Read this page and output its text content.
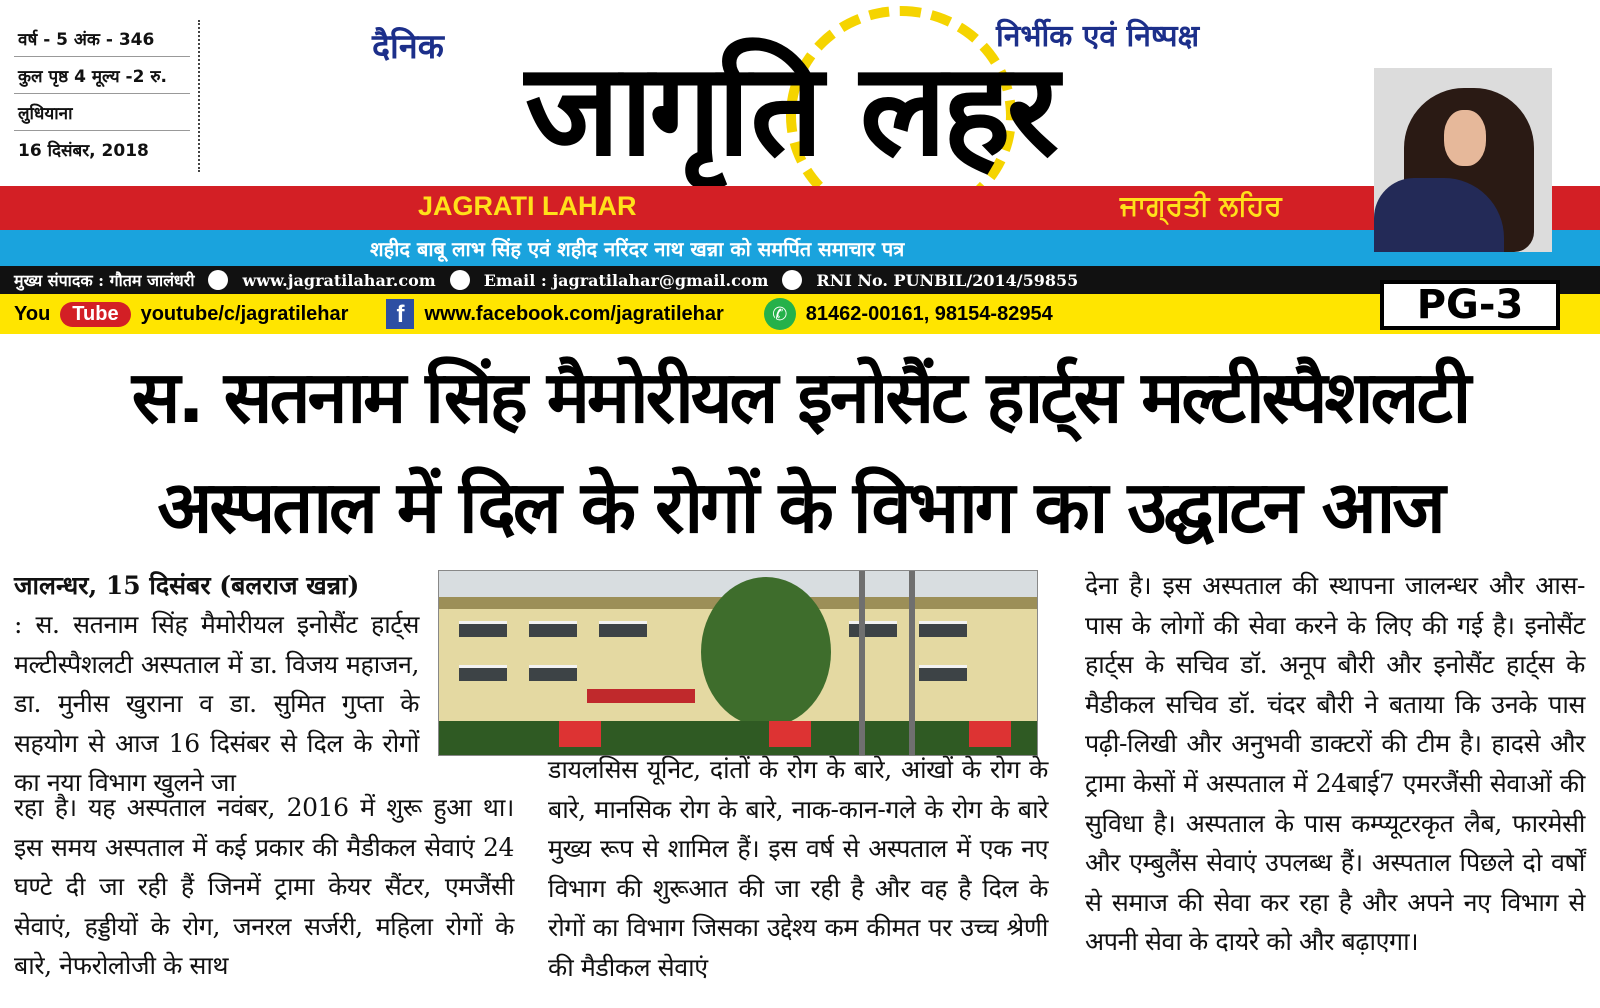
वर्ष - 5 अंक - 346
कुल पृष्ठ 4 मूल्य -2 रु.
लुधियाना
16 दिसंबर, 2018
दैनिक	निर्भीक एवं निष्पक्ष
जागृति लहर
JAGRATI LAHAR	ਜਾਗ੍ਰਤੀ ਲਹਿਰ
शहीद बाबू लाभ सिंह एवं शहीद नरिंदर नाथ खन्ना को समर्पित समाचार पत्र
मुख्य संपादक : गौतम जालंधरी	www.jagratilahar.com	Email : jagratilahar@gmail.com	RNI No. PUNBIL/2014/59855
You	Tube	youtube/c/jagratilehar	f	www.facebook.com/jagratilehar	✆ 81462-00161, 98154-82954	PG-3
स. सतनाम सिंह मैमोरीयल इनोसैंट हार्ट्स मल्टीस्पैशलटी
अस्पताल में दिल के रोगों के विभाग का उद्घाटन आज
जालन्धर, 15 दिसंबर (बलराज खन्ना)
: स. सतनाम सिंह मैमोरीयल इनोसैंट हार्ट्स मल्टीस्पैशलटी अस्पताल में डा. विजय महाजन, डा. मुनीस खुराना व डा. सुमित गुप्ता के सहयोग से आज 16 दिसंबर से दिल के रोगों का नया विभाग खुलने जा
रहा है। यह अस्पताल नवंबर, 2016 में शुरू हुआ था। इस समय अस्पताल में कई प्रकार की मैडीकल सेवाएं 24 घण्टे दी जा रही हैं जिनमें ट्रामा केयर सैंटर, एमजैंसी सेवाएं, हड्डीयों के रोग, जनरल सर्जरी, महिला रोगों के बारे, नेफरोलोजी के साथ
डायलसिस यूनिट, दांतों के रोग के बारे, आंखों के रोग के बारे, मानसिक रोग के बारे, नाक-कान-गले के रोग के बारे मुख्य रूप से शामिल हैं। इस वर्ष से अस्पताल में एक नए विभाग की शुरूआत की जा रही है और वह है दिल के रोगों का विभाग जिसका उद्देश्य कम कीमत पर उच्च श्रेणी की मैडीकल सेवाएं
देना है। इस अस्पताल की स्थापना जालन्धर और आस-पास के लोगों की सेवा करने के लिए की गई है। इनोसैंट हार्ट्स के सचिव डॉ. अनूप बौरी और इनोसैंट हार्ट्स के मैडीकल सचिव डॉ. चंदर बौरी ने बताया कि उनके पास पढ़ी-लिखी और अनुभवी डाक्टरों की टीम है। हादसे और ट्रामा केसों में अस्पताल में 24बाई7 एमरजैंसी सेवाओं की सुविधा है। अस्पताल के पास कम्प्यूटरकृत लैब, फारमेसी और एम्बुलैंस सेवाएं उपलब्ध हैं। अस्पताल पिछले दो वर्षों से समाज की सेवा कर रहा है और अपने नए विभाग से अपनी सेवा के दायरे को और बढ़ाएगा।
